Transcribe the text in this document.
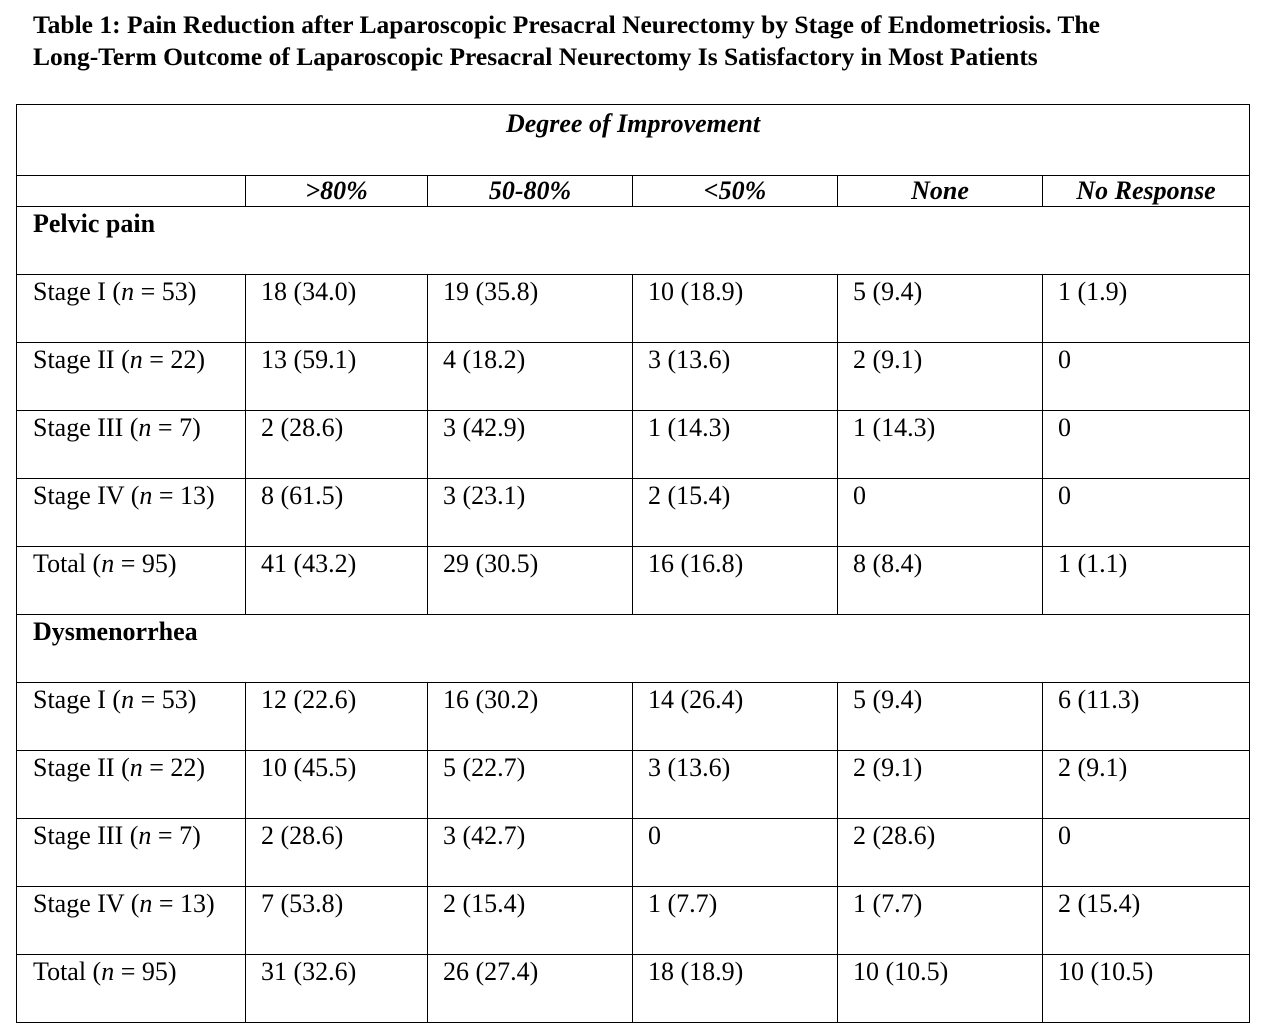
Table 1: Pain Reduction after Laparoscopic Presacral Neurectomy by Stage of Endometriosis. The
Long-Term Outcome of Laparoscopic Presacral Neurectomy Is Satisfactory in Most Patients
Degree of Improvement					
	>80%	50-80%	<50%	None	No Response
Pelvic pain					
Stage I (n = 53)	18 (34.0)	19 (35.8)	10 (18.9)	5 (9.4)	1 (1.9)
Stage II (n = 22)	13 (59.1)	4 (18.2)	3 (13.6)	2 (9.1)	0
Stage III (n = 7)	2 (28.6)	3 (42.9)	1 (14.3)	1 (14.3)	0
Stage IV (n = 13)	8 (61.5)	3 (23.1)	2 (15.4)	0	0
Total (n = 95)	41 (43.2)	29 (30.5)	16 (16.8)	8 (8.4)	1 (1.1)
Dysmenorrhea					
Stage I (n = 53)	12 (22.6)	16 (30.2)	14 (26.4)	5 (9.4)	6 (11.3)
Stage II (n = 22)	10 (45.5)	5 (22.7)	3 (13.6)	2 (9.1)	2 (9.1)
Stage III (n = 7)	2 (28.6)	3 (42.7)	0	2 (28.6)	0
Stage IV (n = 13)	7 (53.8)	2 (15.4)	1 (7.7)	1 (7.7)	2 (15.4)
Total (n = 95)	31 (32.6)	26 (27.4)	18 (18.9)	10 (10.5)	10 (10.5)
